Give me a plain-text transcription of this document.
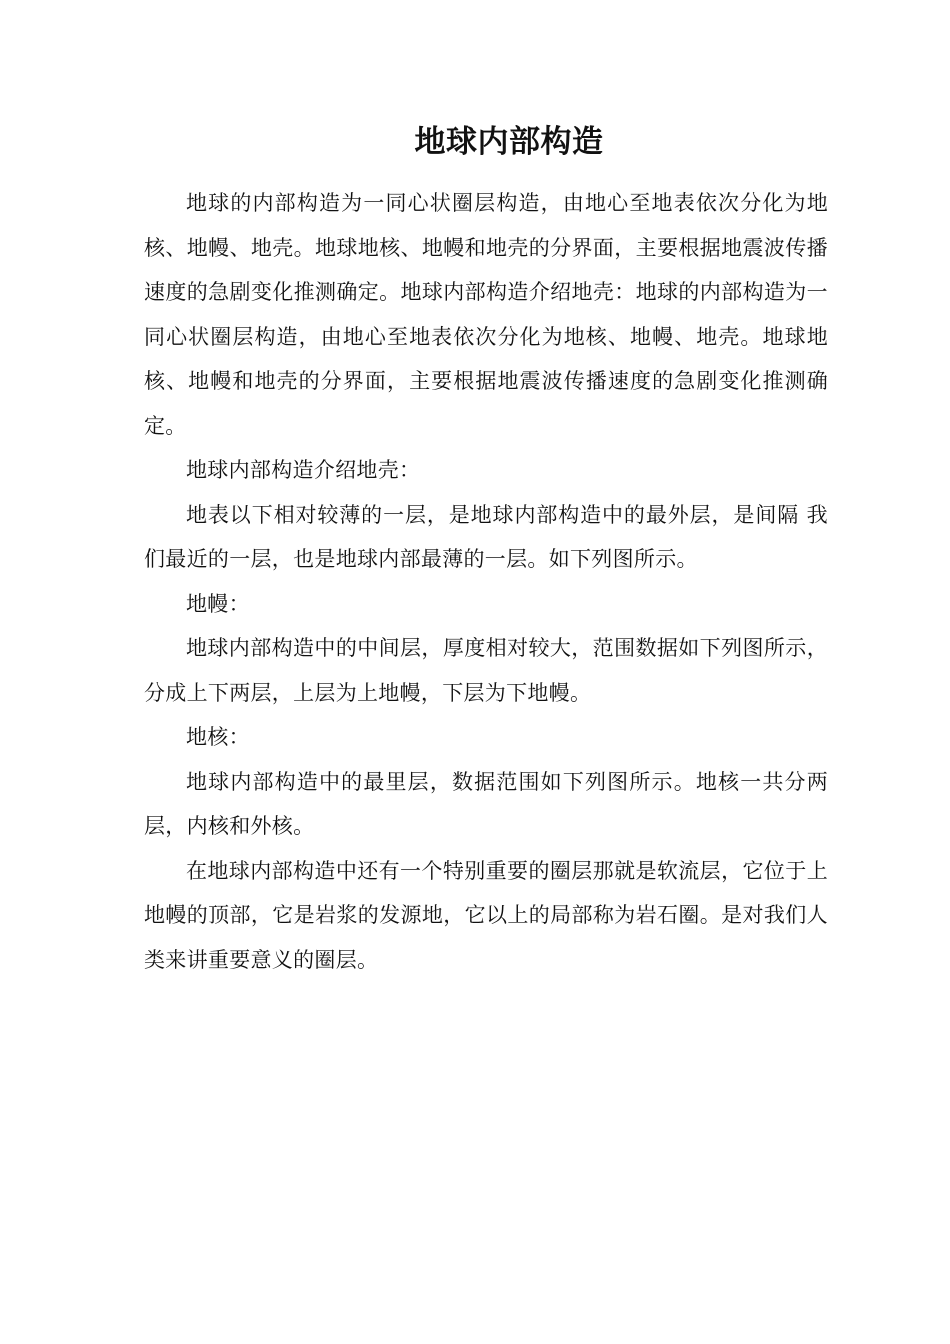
地球内部构造

地球的内部构造为一同心状圈层构造，由地心至地表依次分化为地核、地幔、地壳。地球地核、地幔和地壳的分界面，主要根据地震波传播速度的急剧变化推测确定。地球内部构造介绍地壳：地球的内部构造为一同心状圈层构造，由地心至地表依次分化为地核、地幔、地壳。地球地核、地幔和地壳的分界面，主要根据地震波传播速度的急剧变化推测确定。

地球内部构造介绍地壳：

地表以下相对较薄的一层，是地球内部构造中的最外层，是间隔 我们最近的一层，也是地球内部最薄的一层。如下列图所示。

地幔：

地球内部构造中的中间层，厚度相对较大，范围数据如下列图所示，分成上下两层，上层为上地幔，下层为下地幔。

地核：

地球内部构造中的最里层，数据范围如下列图所示。地核一共分两层，内核和外核。

在地球内部构造中还有一个特别重要的圈层那就是软流层，它位于上地幔的顶部，它是岩浆的发源地，它以上的局部称为岩石圈。是对我们人类来讲重要意义的圈层。
